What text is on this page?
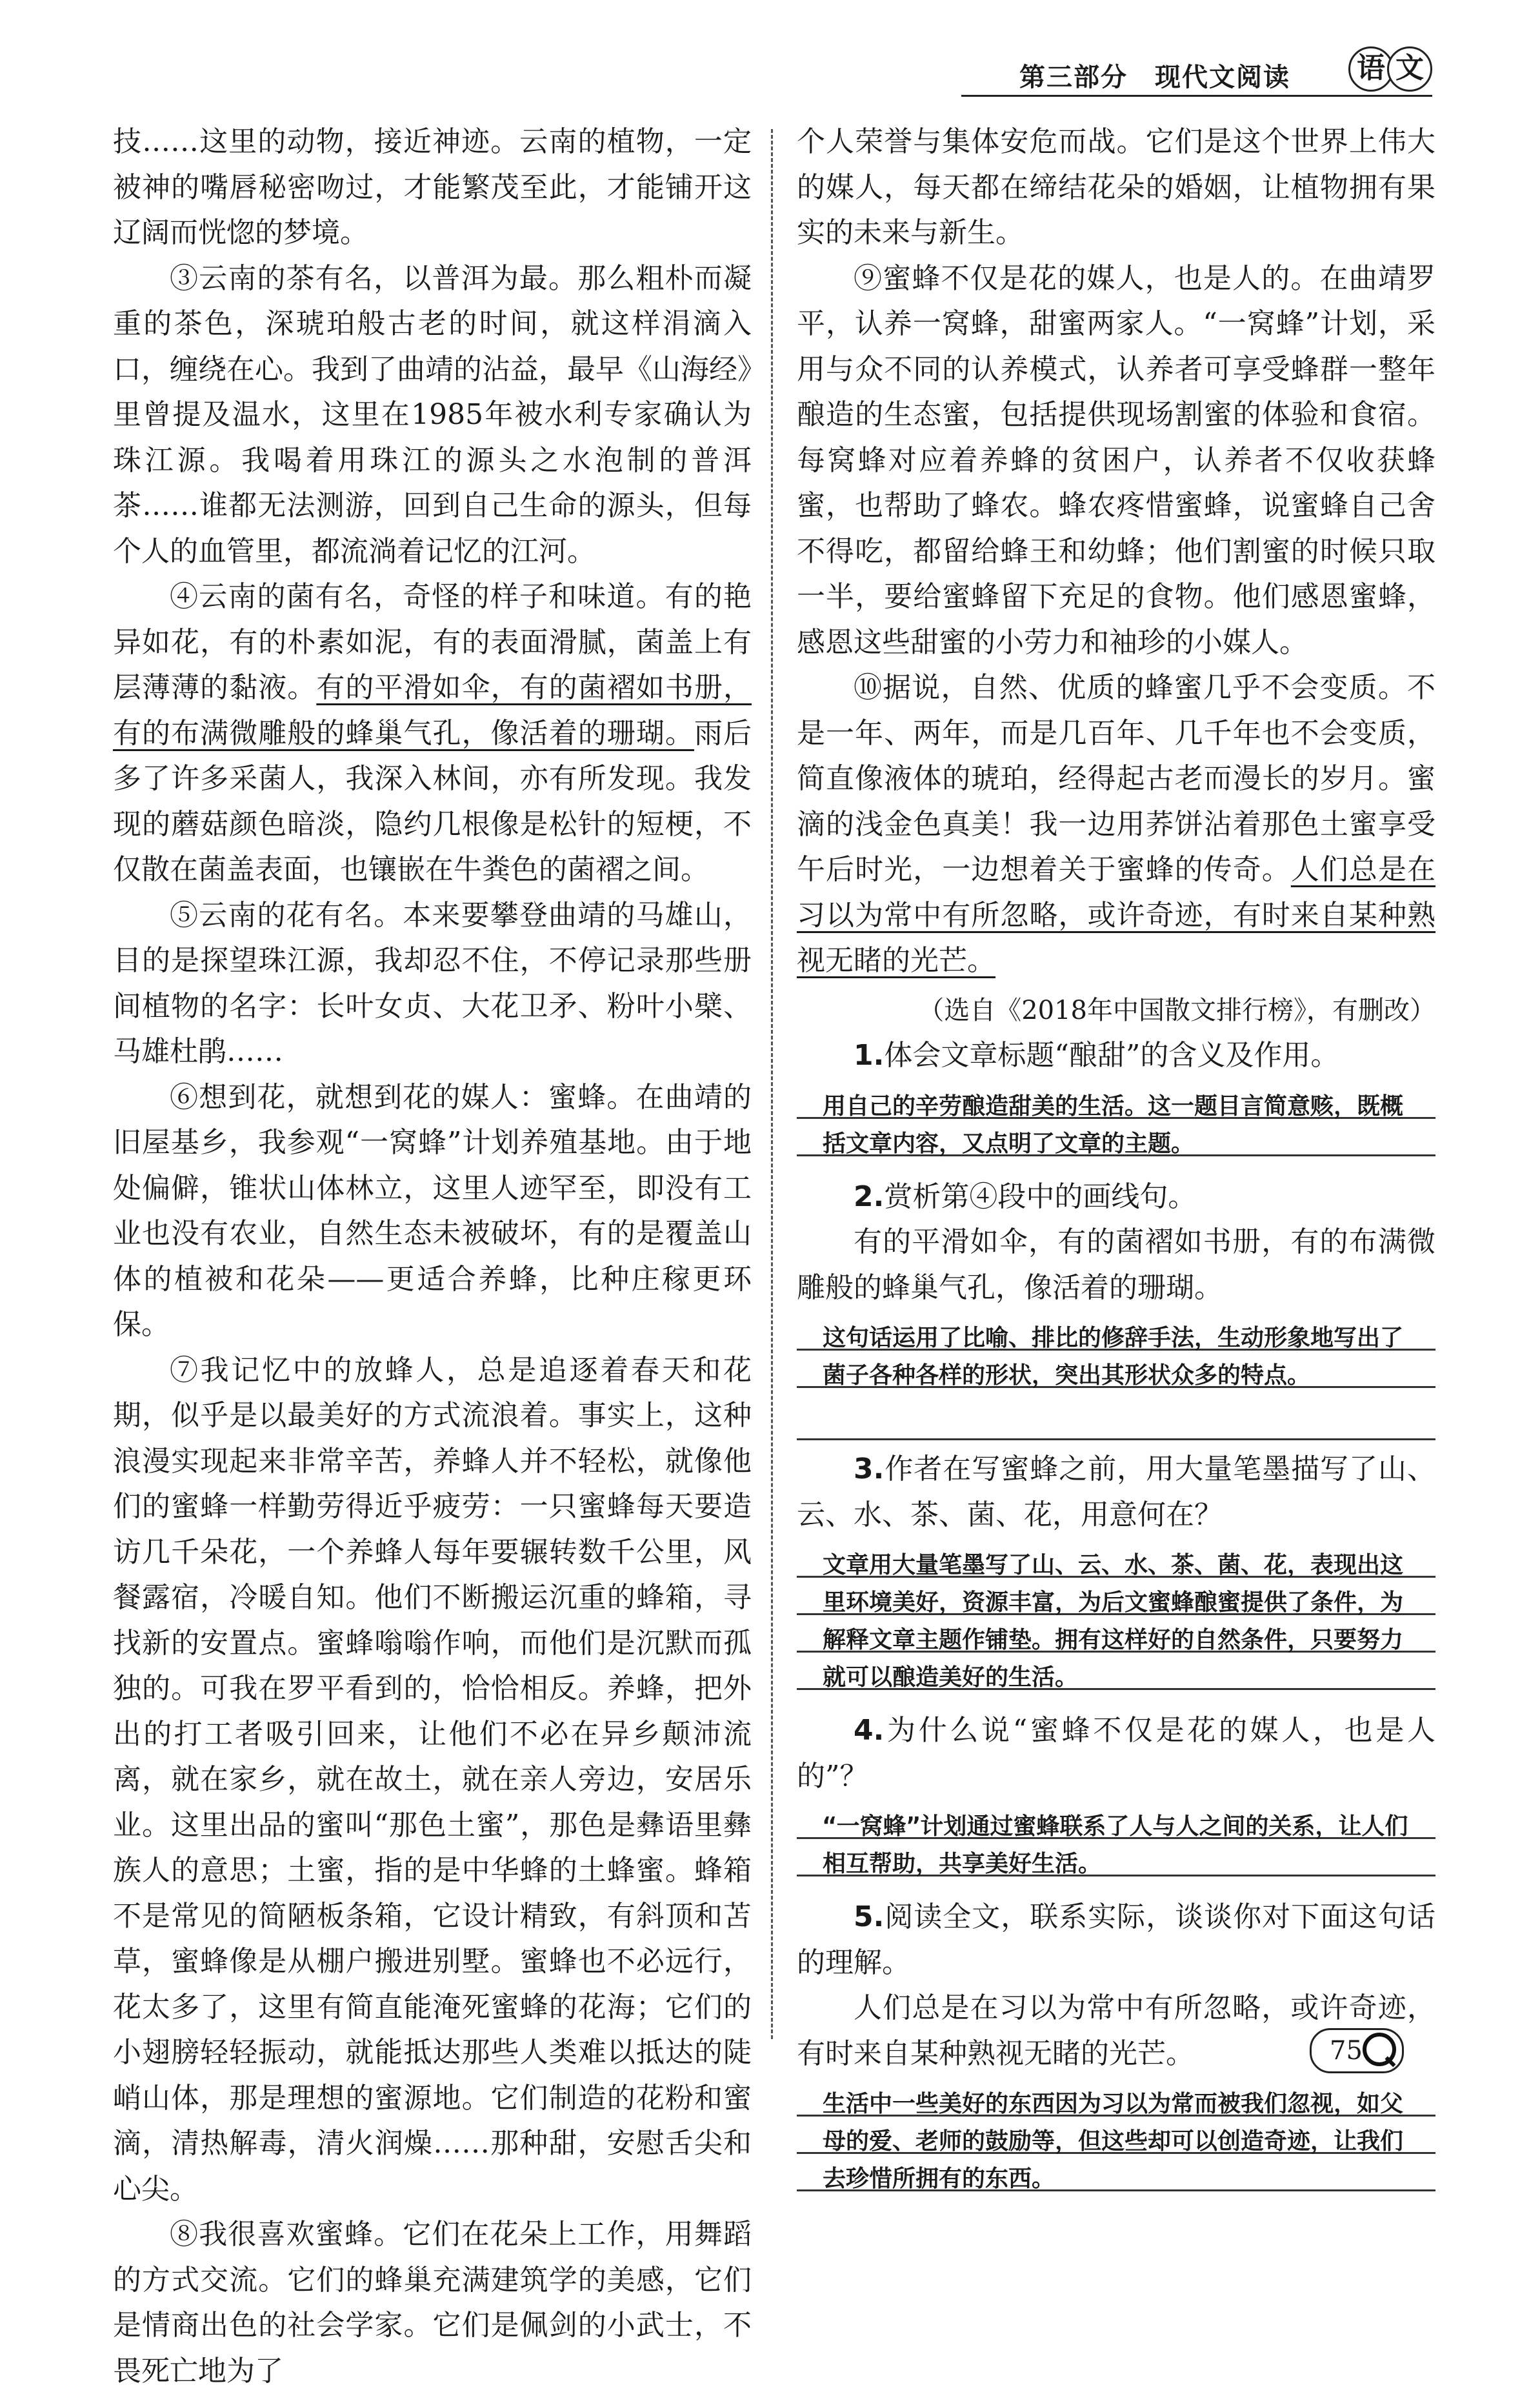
第三部分　现代文阅读 语 文

技……这里的动物，接近神迹。云南的植物，一定被神的嘴唇秘密吻过，才能繁茂至此，才能铺开这辽阔而恍惚的梦境。

③云南的茶有名，以普洱为最。那么粗朴而凝重的茶色，深琥珀般古老的时间，就这样涓滴入口，缠绕在心。我到了曲靖的沾益，最早《山海经》里曾提及温水，这里在1985年被水利专家确认为珠江源。我喝着用珠江的源头之水泡制的普洱茶……谁都无法测游，回到自己生命的源头，但每个人的血管里，都流淌着记忆的江河。

④云南的菌有名，奇怪的样子和味道。有的艳异如花，有的朴素如泥，有的表面滑腻，菌盖上有层薄薄的黏液。有的平滑如伞，有的菌褶如书册，有的布满微雕般的蜂巢气孔，像活着的珊瑚。雨后多了许多采菌人，我深入林间，亦有所发现。我发现的蘑菇颜色暗淡，隐约几根像是松针的短梗，不仅散在菌盖表面，也镶嵌在牛粪色的菌褶之间。

⑤云南的花有名。本来要攀登曲靖的马雄山，目的是探望珠江源，我却忍不住，不停记录那些册间植物的名字：长叶女贞、大花卫矛、粉叶小檗、马雄杜鹃……

⑥想到花，就想到花的媒人：蜜蜂。在曲靖的旧屋基乡，我参观“一窝蜂”计划养殖基地。由于地处偏僻，锥状山体林立，这里人迹罕至，即没有工业也没有农业，自然生态未被破坏，有的是覆盖山体的植被和花朵——更适合养蜂，比种庄稼更环保。

⑦我记忆中的放蜂人，总是追逐着春天和花期，似乎是以最美好的方式流浪着。事实上，这种浪漫实现起来非常辛苦，养蜂人并不轻松，就像他们的蜜蜂一样勤劳得近乎疲劳：一只蜜蜂每天要造访几千朵花，一个养蜂人每年要辗转数千公里，风餐露宿，冷暖自知。他们不断搬运沉重的蜂箱，寻找新的安置点。蜜蜂嗡嗡作响，而他们是沉默而孤独的。可我在罗平看到的，恰恰相反。养蜂，把外出的打工者吸引回来，让他们不必在异乡颠沛流离，就在家乡，就在故土，就在亲人旁边，安居乐业。这里出品的蜜叫“那色土蜜”，那色是彝语里彝族人的意思；土蜜，指的是中华蜂的土蜂蜜。蜂箱不是常见的简陋板条箱，它设计精致，有斜顶和苫草，蜜蜂像是从棚户搬进别墅。蜜蜂也不必远行，花太多了，这里有简直能淹死蜜蜂的花海；它们的小翅膀轻轻振动，就能抵达那些人类难以抵达的陡峭山体，那是理想的蜜源地。它们制造的花粉和蜜滴，清热解毒，清火润燥……那种甜，安慰舌尖和心尖。

⑧我很喜欢蜜蜂。它们在花朵上工作，用舞蹈的方式交流。它们的蜂巢充满建筑学的美感，它们是情商出色的社会学家。它们是佩剑的小武士，不畏死亡地为了

个人荣誉与集体安危而战。它们是这个世界上伟大的媒人，每天都在缔结花朵的婚姻，让植物拥有果实的未来与新生。

⑨蜜蜂不仅是花的媒人，也是人的。在曲靖罗平，认养一窝蜂，甜蜜两家人。“一窝蜂”计划，采用与众不同的认养模式，认养者可享受蜂群一整年酿造的生态蜜，包括提供现场割蜜的体验和食宿。每窝蜂对应着养蜂的贫困户，认养者不仅收获蜂蜜，也帮助了蜂农。蜂农疼惜蜜蜂，说蜜蜂自己舍不得吃，都留给蜂王和幼蜂；他们割蜜的时候只取一半，要给蜜蜂留下充足的食物。他们感恩蜜蜂，感恩这些甜蜜的小劳力和袖珍的小媒人。

⑩据说，自然、优质的蜂蜜几乎不会变质。不是一年、两年，而是几百年、几千年也不会变质，简直像液体的琥珀，经得起古老而漫长的岁月。蜜滴的浅金色真美！我一边用荞饼沾着那色土蜜享受午后时光，一边想着关于蜜蜂的传奇。人们总是在习以为常中有所忽略，或许奇迹，有时来自某种熟视无睹的光芒。

（选自《2018年中国散文排行榜》，有删改）

1.体会文章标题“酿甜”的含义及作用。

用自己的辛劳酿造甜美的生活。这一题目言简意赅，既概括文章内容，又点明了文章的主题。

2.赏析第④段中的画线句。

有的平滑如伞，有的菌褶如书册，有的布满微雕般的蜂巢气孔，像活着的珊瑚。

这句话运用了比喻、排比的修辞手法，生动形象地写出了菌子各种各样的形状，突出其形状众多的特点。

3.作者在写蜜蜂之前，用大量笔墨描写了山、云、水、茶、菌、花，用意何在？

文章用大量笔墨写了山、云、水、茶、菌、花，表现出这里环境美好，资源丰富，为后文蜜蜂酿蜜提供了条件，为解释文章主题作铺垫。拥有这样好的自然条件，只要努力就可以酿造美好的生活。

4.为什么说“蜜蜂不仅是花的媒人，也是人的”？

“一窝蜂”计划通过蜜蜂联系了人与人之间的关系，让人们相互帮助，共享美好生活。

5.阅读全文，联系实际，谈谈你对下面这句话的理解。

人们总是在习以为常中有所忽略，或许奇迹，有时来自某种熟视无睹的光芒。

生活中一些美好的东西因为习以为常而被我们忽视，如父母的爱、老师的鼓励等，但这些却可以创造奇迹，让我们去珍惜所拥有的东西。
75
